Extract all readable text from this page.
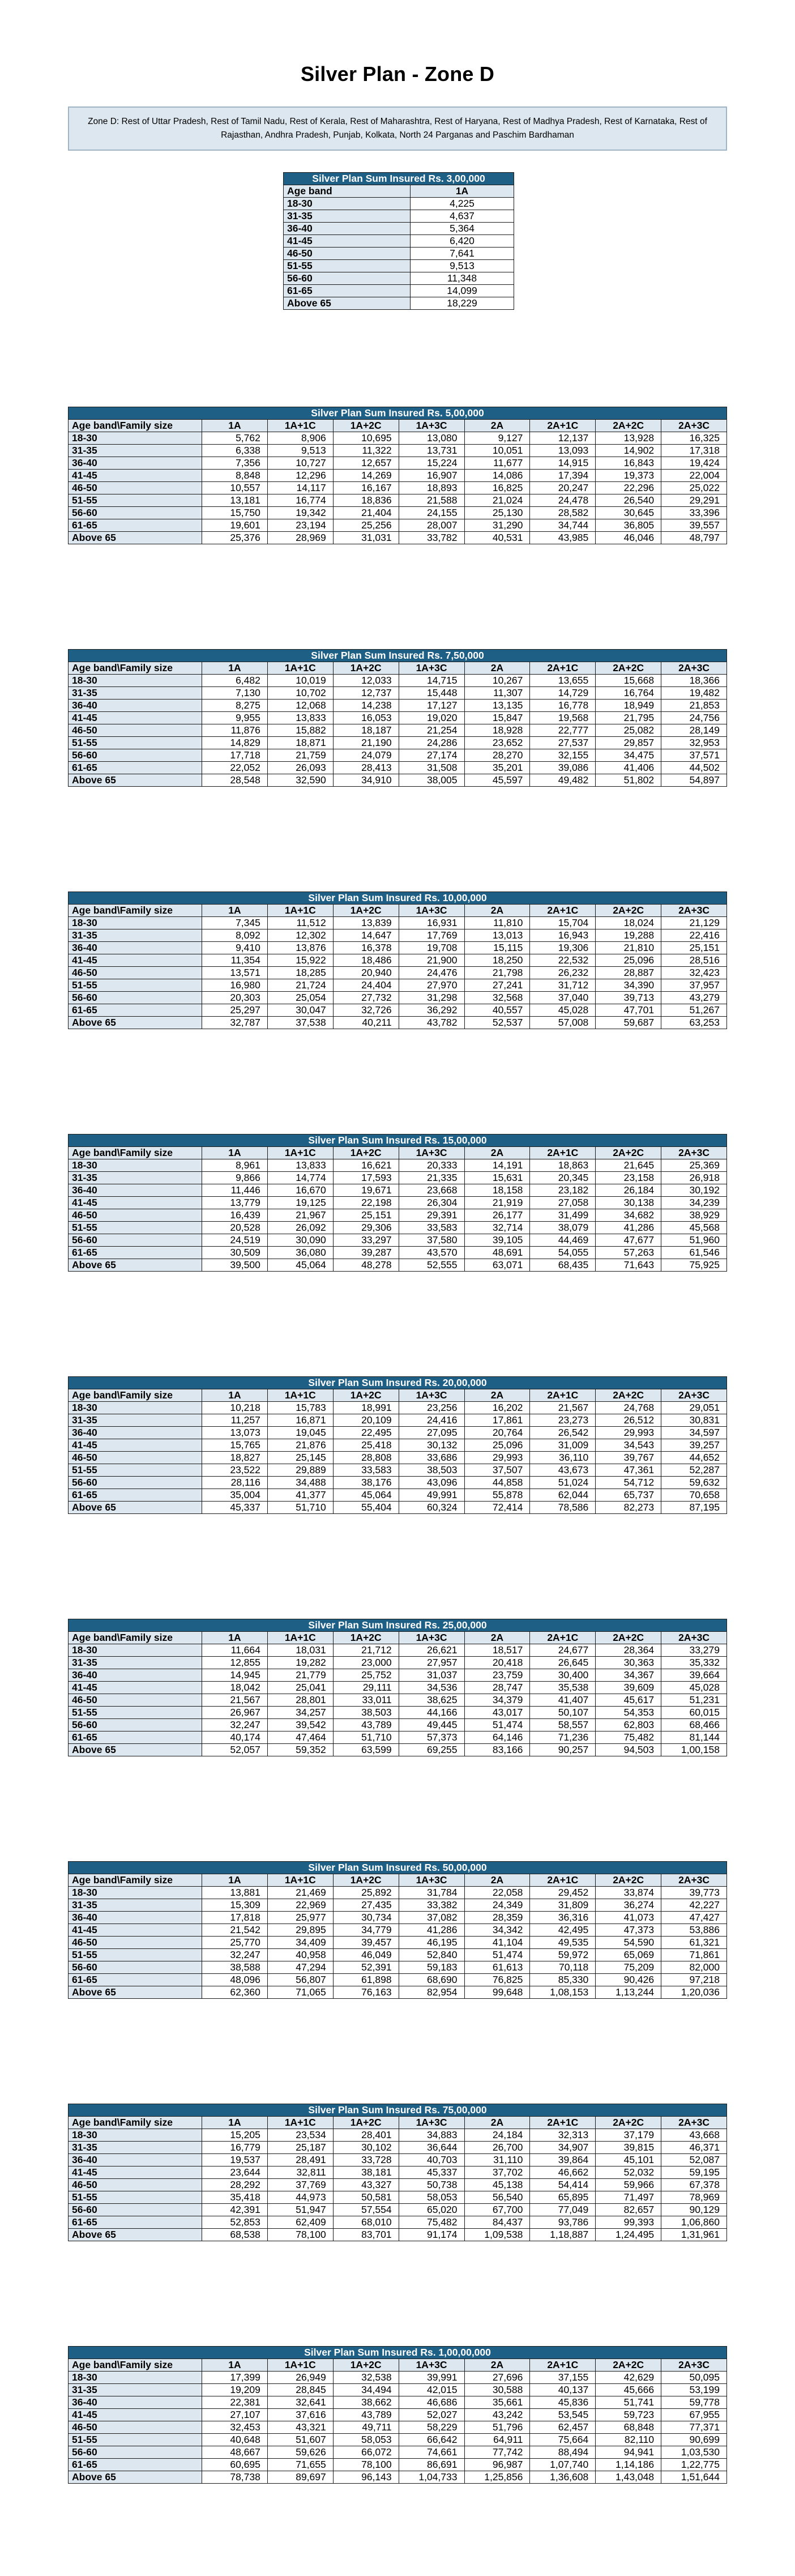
Silver Plan - Zone D
Zone D: Rest of Uttar Pradesh, Rest of Tamil Nadu, Rest of Kerala, Rest of Maharashtra, Rest of Haryana, Rest of Madhya Pradesh, Rest of Karnataka, Rest of Rajasthan, Andhra Pradesh, Punjab, Kolkata, North 24 Parganas and Paschim Bardhaman
Silver Plan Sum Insured Rs. 3,00,000	
Age band	1A
18-30	4,225
31-35	4,637
36-40	5,364
41-45	6,420
46-50	7,641
51-55	9,513
56-60	11,348
61-65	14,099
Above 65	18,229
Silver Plan Sum Insured Rs. 5,00,000								
Age band\Family size	1A	1A+1C	1A+2C	1A+3C	2A	2A+1C	2A+2C	2A+3C
18-30	5,762	8,906	10,695	13,080	9,127	12,137	13,928	16,325
31-35	6,338	9,513	11,322	13,731	10,051	13,093	14,902	17,318
36-40	7,356	10,727	12,657	15,224	11,677	14,915	16,843	19,424
41-45	8,848	12,296	14,269	16,907	14,086	17,394	19,373	22,004
46-50	10,557	14,117	16,167	18,893	16,825	20,247	22,296	25,022
51-55	13,181	16,774	18,836	21,588	21,024	24,478	26,540	29,291
56-60	15,750	19,342	21,404	24,155	25,130	28,582	30,645	33,396
61-65	19,601	23,194	25,256	28,007	31,290	34,744	36,805	39,557
Above 65	25,376	28,969	31,031	33,782	40,531	43,985	46,046	48,797
Silver Plan Sum Insured Rs. 7,50,000								
Age band\Family size	1A	1A+1C	1A+2C	1A+3C	2A	2A+1C	2A+2C	2A+3C
18-30	6,482	10,019	12,033	14,715	10,267	13,655	15,668	18,366
31-35	7,130	10,702	12,737	15,448	11,307	14,729	16,764	19,482
36-40	8,275	12,068	14,238	17,127	13,135	16,778	18,949	21,853
41-45	9,955	13,833	16,053	19,020	15,847	19,568	21,795	24,756
46-50	11,876	15,882	18,187	21,254	18,928	22,777	25,082	28,149
51-55	14,829	18,871	21,190	24,286	23,652	27,537	29,857	32,953
56-60	17,718	21,759	24,079	27,174	28,270	32,155	34,475	37,571
61-65	22,052	26,093	28,413	31,508	35,201	39,086	41,406	44,502
Above 65	28,548	32,590	34,910	38,005	45,597	49,482	51,802	54,897
Silver Plan Sum Insured Rs. 10,00,000								
Age band\Family size	1A	1A+1C	1A+2C	1A+3C	2A	2A+1C	2A+2C	2A+3C
18-30	7,345	11,512	13,839	16,931	11,810	15,704	18,024	21,129
31-35	8,092	12,302	14,647	17,769	13,013	16,943	19,288	22,416
36-40	9,410	13,876	16,378	19,708	15,115	19,306	21,810	25,151
41-45	11,354	15,922	18,486	21,900	18,250	22,532	25,096	28,516
46-50	13,571	18,285	20,940	24,476	21,798	26,232	28,887	32,423
51-55	16,980	21,724	24,404	27,970	27,241	31,712	34,390	37,957
56-60	20,303	25,054	27,732	31,298	32,568	37,040	39,713	43,279
61-65	25,297	30,047	32,726	36,292	40,557	45,028	47,701	51,267
Above 65	32,787	37,538	40,211	43,782	52,537	57,008	59,687	63,253
Silver Plan Sum Insured Rs. 15,00,000								
Age band\Family size	1A	1A+1C	1A+2C	1A+3C	2A	2A+1C	2A+2C	2A+3C
18-30	8,961	13,833	16,621	20,333	14,191	18,863	21,645	25,369
31-35	9,866	14,774	17,593	21,335	15,631	20,345	23,158	26,918
36-40	11,446	16,670	19,671	23,668	18,158	23,182	26,184	30,192
41-45	13,779	19,125	22,198	26,304	21,919	27,058	30,138	34,239
46-50	16,439	21,967	25,151	29,391	26,177	31,499	34,682	38,929
51-55	20,528	26,092	29,306	33,583	32,714	38,079	41,286	45,568
56-60	24,519	30,090	33,297	37,580	39,105	44,469	47,677	51,960
61-65	30,509	36,080	39,287	43,570	48,691	54,055	57,263	61,546
Above 65	39,500	45,064	48,278	52,555	63,071	68,435	71,643	75,925
Silver Plan Sum Insured Rs. 20,00,000								
Age band\Family size	1A	1A+1C	1A+2C	1A+3C	2A	2A+1C	2A+2C	2A+3C
18-30	10,218	15,783	18,991	23,256	16,202	21,567	24,768	29,051
31-35	11,257	16,871	20,109	24,416	17,861	23,273	26,512	30,831
36-40	13,073	19,045	22,495	27,095	20,764	26,542	29,993	34,597
41-45	15,765	21,876	25,418	30,132	25,096	31,009	34,543	39,257
46-50	18,827	25,145	28,808	33,686	29,993	36,110	39,767	44,652
51-55	23,522	29,889	33,583	38,503	37,507	43,673	47,361	52,287
56-60	28,116	34,488	38,176	43,096	44,858	51,024	54,712	59,632
61-65	35,004	41,377	45,064	49,991	55,878	62,044	65,737	70,658
Above 65	45,337	51,710	55,404	60,324	72,414	78,586	82,273	87,195
Silver Plan Sum Insured Rs. 25,00,000								
Age band\Family size	1A	1A+1C	1A+2C	1A+3C	2A	2A+1C	2A+2C	2A+3C
18-30	11,664	18,031	21,712	26,621	18,517	24,677	28,364	33,279
31-35	12,855	19,282	23,000	27,957	20,418	26,645	30,363	35,332
36-40	14,945	21,779	25,752	31,037	23,759	30,400	34,367	39,664
41-45	18,042	25,041	29,111	34,536	28,747	35,538	39,609	45,028
46-50	21,567	28,801	33,011	38,625	34,379	41,407	45,617	51,231
51-55	26,967	34,257	38,503	44,166	43,017	50,107	54,353	60,015
56-60	32,247	39,542	43,789	49,445	51,474	58,557	62,803	68,466
61-65	40,174	47,464	51,710	57,373	64,146	71,236	75,482	81,144
Above 65	52,057	59,352	63,599	69,255	83,166	90,257	94,503	1,00,158
Silver Plan Sum Insured Rs. 50,00,000								
Age band\Family size	1A	1A+1C	1A+2C	1A+3C	2A	2A+1C	2A+2C	2A+3C
18-30	13,881	21,469	25,892	31,784	22,058	29,452	33,874	39,773
31-35	15,309	22,969	27,435	33,382	24,349	31,809	36,274	42,227
36-40	17,818	25,977	30,734	37,082	28,359	36,316	41,073	47,427
41-45	21,542	29,895	34,779	41,286	34,342	42,495	47,373	53,886
46-50	25,770	34,409	39,457	46,195	41,104	49,535	54,590	61,321
51-55	32,247	40,958	46,049	52,840	51,474	59,972	65,069	71,861
56-60	38,588	47,294	52,391	59,183	61,613	70,118	75,209	82,000
61-65	48,096	56,807	61,898	68,690	76,825	85,330	90,426	97,218
Above 65	62,360	71,065	76,163	82,954	99,648	1,08,153	1,13,244	1,20,036
Silver Plan Sum Insured Rs. 75,00,000								
Age band\Family size	1A	1A+1C	1A+2C	1A+3C	2A	2A+1C	2A+2C	2A+3C
18-30	15,205	23,534	28,401	34,883	24,184	32,313	37,179	43,668
31-35	16,779	25,187	30,102	36,644	26,700	34,907	39,815	46,371
36-40	19,537	28,491	33,728	40,703	31,110	39,864	45,101	52,087
41-45	23,644	32,811	38,181	45,337	37,702	46,662	52,032	59,195
46-50	28,292	37,769	43,327	50,738	45,138	54,414	59,966	67,378
51-55	35,418	44,973	50,581	58,053	56,540	65,895	71,497	78,969
56-60	42,391	51,947	57,554	65,020	67,700	77,049	82,657	90,129
61-65	52,853	62,409	68,010	75,482	84,437	93,786	99,393	1,06,860
Above 65	68,538	78,100	83,701	91,174	1,09,538	1,18,887	1,24,495	1,31,961
Silver Plan Sum Insured Rs. 1,00,00,000								
Age band\Family size	1A	1A+1C	1A+2C	1A+3C	2A	2A+1C	2A+2C	2A+3C
18-30	17,399	26,949	32,538	39,991	27,696	37,155	42,629	50,095
31-35	19,209	28,845	34,494	42,015	30,588	40,137	45,666	53,199
36-40	22,381	32,641	38,662	46,686	35,661	45,836	51,741	59,778
41-45	27,107	37,616	43,789	52,027	43,242	53,545	59,723	67,955
46-50	32,453	43,321	49,711	58,229	51,796	62,457	68,848	77,371
51-55	40,648	51,607	58,053	66,642	64,911	75,664	82,110	90,699
56-60	48,667	59,626	66,072	74,661	77,742	88,494	94,941	1,03,530
61-65	60,695	71,655	78,100	86,691	96,987	1,07,740	1,14,186	1,22,775
Above 65	78,738	89,697	96,143	1,04,733	1,25,856	1,36,608	1,43,048	1,51,644
